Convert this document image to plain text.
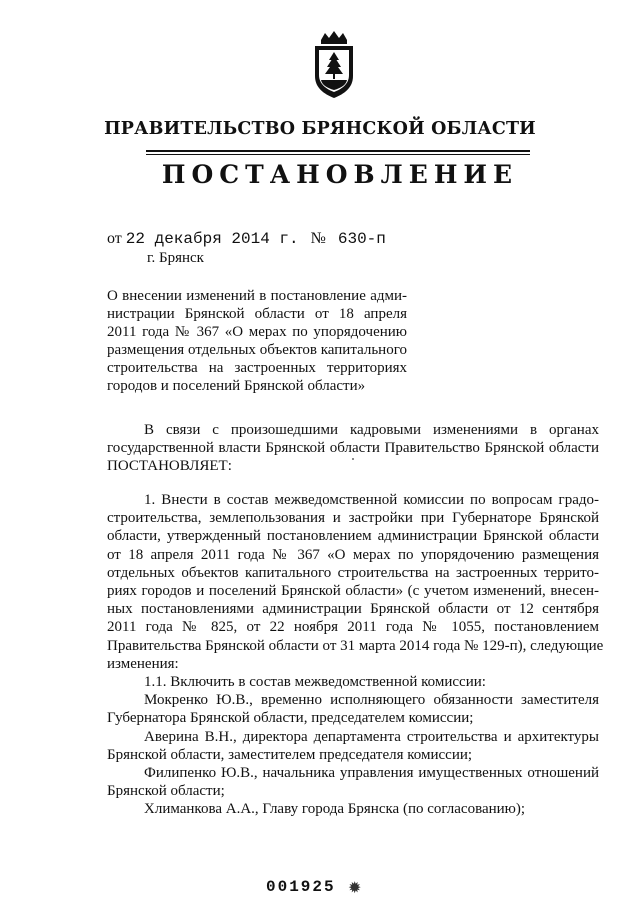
ПРАВИТЕЛЬСТВО БРЯНСКОЙ ОБЛАСТИ
ПОСТАНОВЛЕНИЕ
от 22 декабря 2014 г. № 630-п
г. Брянск
О внесении изменений в постановление адми-
нистрации Брянской области от 18 апреля
2011 года № 367 «О мерах по упорядочению
размещения отдельных объектов капитального
строительства на застроенных территориях
городов и поселений Брянской области»
В связи с произошедшими кадровыми изменениями в органах
государственной власти Брянской области Правительство Брянской области
ПОСТАНОВЛЯЕТ:
1. Внести в состав межведомственной комиссии по вопросам градо-
строительства, землепользования и застройки при Губернаторе Брянской
области, утвержденный постановлением администрации Брянской области
от 18 апреля 2011 года № 367 «О мерах по упорядочению размещения
отдельных объектов капитального строительства на застроенных террито-
риях городов и поселений Брянской области» (с учетом изменений, внесен-
ных постановлениями администрации Брянской области от 12 сентября
2011 года № 825, от 22 ноября 2011 года № 1055, постановлением
Правительства Брянской области от 31 марта 2014 года № 129-п), следующие
изменения:
1.1. Включить в состав межведомственной комиссии:
Мокренко Ю.В., временно исполняющего обязанности заместителя
Губернатора Брянской области, председателем комиссии;
Аверина В.Н., директора департамента строительства и архитектуры
Брянской области, заместителем председателя комиссии;
Филипенко Ю.В., начальника управления имущественных отношений
Брянской области;
Хлиманкова А.А., Главу города Брянска (по согласованию);
001925 ✹
